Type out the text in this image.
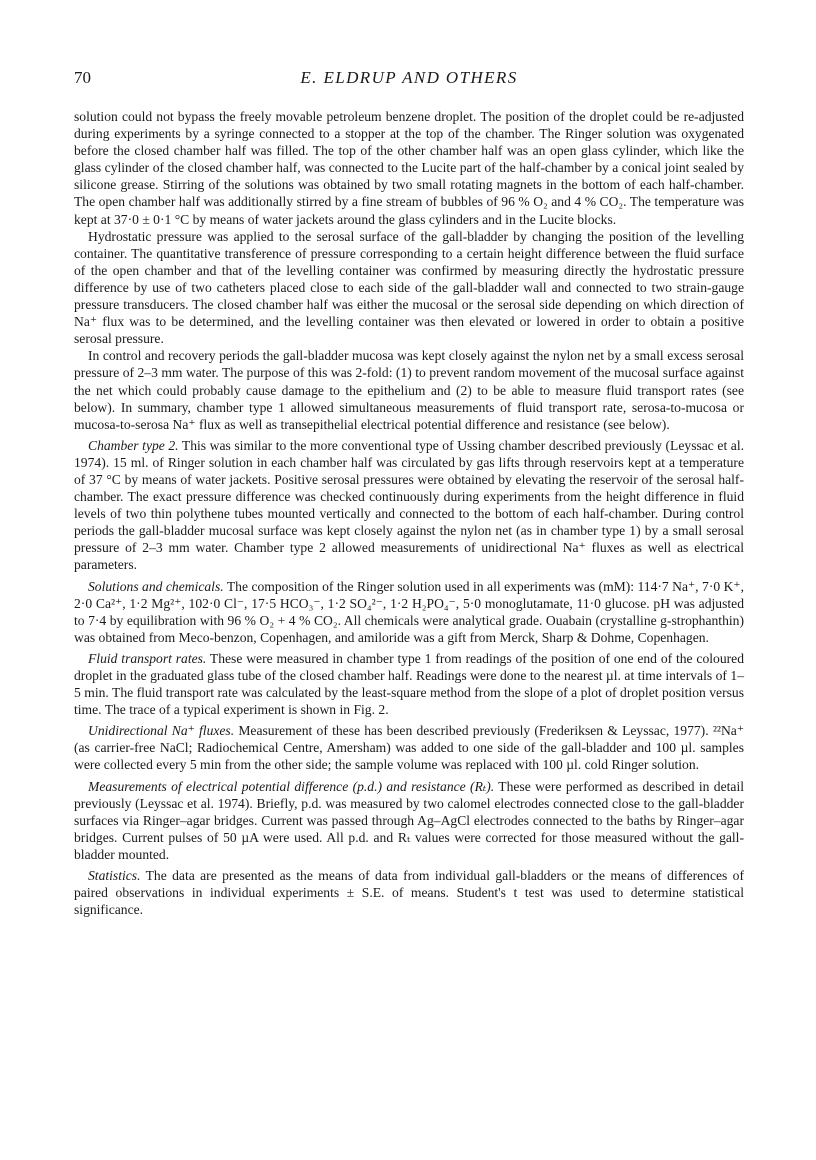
70	E. ELDRUP AND OTHERS

solution could not bypass the freely movable petroleum benzene droplet. The position of the droplet could be re-adjusted during experiments by a syringe connected to a stopper at the top of the chamber. The Ringer solution was oxygenated before the closed chamber half was filled. The top of the other chamber half was an open glass cylinder, which like the glass cylinder of the closed chamber half, was connected to the Lucite part of the half-chamber by a conical joint sealed by silicone grease. Stirring of the solutions was obtained by two small rotating magnets in the bottom of each half-chamber. The open chamber half was additionally stirred by a fine stream of bubbles of 96 % O₂ and 4 % CO₂. The temperature was kept at 37·0 ± 0·1 °C by means of water jackets around the glass cylinders and in the Lucite blocks.

Hydrostatic pressure was applied to the serosal surface of the gall-bladder by changing the position of the levelling container. The quantitative transference of pressure corresponding to a certain height difference between the fluid surface of the open chamber and that of the levelling container was confirmed by measuring directly the hydrostatic pressure difference by use of two catheters placed close to each side of the gall-bladder wall and connected to two strain-gauge pressure transducers. The closed chamber half was either the mucosal or the serosal side depending on which direction of Na⁺ flux was to be determined, and the levelling container was then elevated or lowered in order to obtain a positive serosal pressure.

In control and recovery periods the gall-bladder mucosa was kept closely against the nylon net by a small excess serosal pressure of 2–3 mm water. The purpose of this was 2-fold: (1) to prevent random movement of the mucosal surface against the net which could probably cause damage to the epithelium and (2) to be able to measure fluid transport rates (see below). In summary, chamber type 1 allowed simultaneous measurements of fluid transport rate, serosa-to-mucosa or mucosa-to-serosa Na⁺ flux as well as transepithelial electrical potential difference and resistance (see below).

Chamber type 2. This was similar to the more conventional type of Ussing chamber described previously (Leyssac et al. 1974). 15 ml. of Ringer solution in each chamber half was circulated by gas lifts through reservoirs kept at a temperature of 37 °C by means of water jackets. Positive serosal pressures were obtained by elevating the reservoir of the serosal half-chamber. The exact pressure difference was checked continuously during experiments from the height difference in fluid levels of two thin polythene tubes mounted vertically and connected to the bottom of each half-chamber. During control periods the gall-bladder mucosal surface was kept closely against the nylon net (as in chamber type 1) by a small serosal pressure of 2–3 mm water. Chamber type 2 allowed measurements of unidirectional Na⁺ fluxes as well as electrical parameters.

Solutions and chemicals. The composition of the Ringer solution used in all experiments was (mM): 114·7 Na⁺, 7·0 K⁺, 2·0 Ca²⁺, 1·2 Mg²⁺, 102·0 Cl⁻, 17·5 HCO₃⁻, 1·2 SO₄²⁻, 1·2 H₂PO₄⁻, 5·0 monoglutamate, 11·0 glucose. pH was adjusted to 7·4 by equilibration with 96 % O₂ + 4 % CO₂. All chemicals were analytical grade. Ouabain (crystalline g-strophanthin) was obtained from Meco-benzon, Copenhagen, and amiloride was a gift from Merck, Sharp & Dohme, Copenhagen.

Fluid transport rates. These were measured in chamber type 1 from readings of the position of one end of the coloured droplet in the graduated glass tube of the closed chamber half. Readings were done to the nearest µl. at time intervals of 1–5 min. The fluid transport rate was calculated by the least-square method from the slope of a plot of droplet position versus time. The trace of a typical experiment is shown in Fig. 2.

Unidirectional Na⁺ fluxes. Measurement of these has been described previously (Frederiksen & Leyssac, 1977). ²²Na⁺ (as carrier-free NaCl; Radiochemical Centre, Amersham) was added to one side of the gall-bladder and 100 µl. samples were collected every 5 min from the other side; the sample volume was replaced with 100 µl. cold Ringer solution.

Measurements of electrical potential difference (p.d.) and resistance (Rₜ). These were performed as described in detail previously (Leyssac et al. 1974). Briefly, p.d. was measured by two calomel electrodes connected close to the gall-bladder surfaces via Ringer–agar bridges. Current was passed through Ag–AgCl electrodes connected to the baths by Ringer–agar bridges. Current pulses of 50 µA were used. All p.d. and Rₜ values were corrected for those measured without the gall-bladder mounted.

Statistics. The data are presented as the means of data from individual gall-bladders or the means of differences of paired observations in individual experiments ± S.E. of means. Student's t test was used to determine statistical significance.
